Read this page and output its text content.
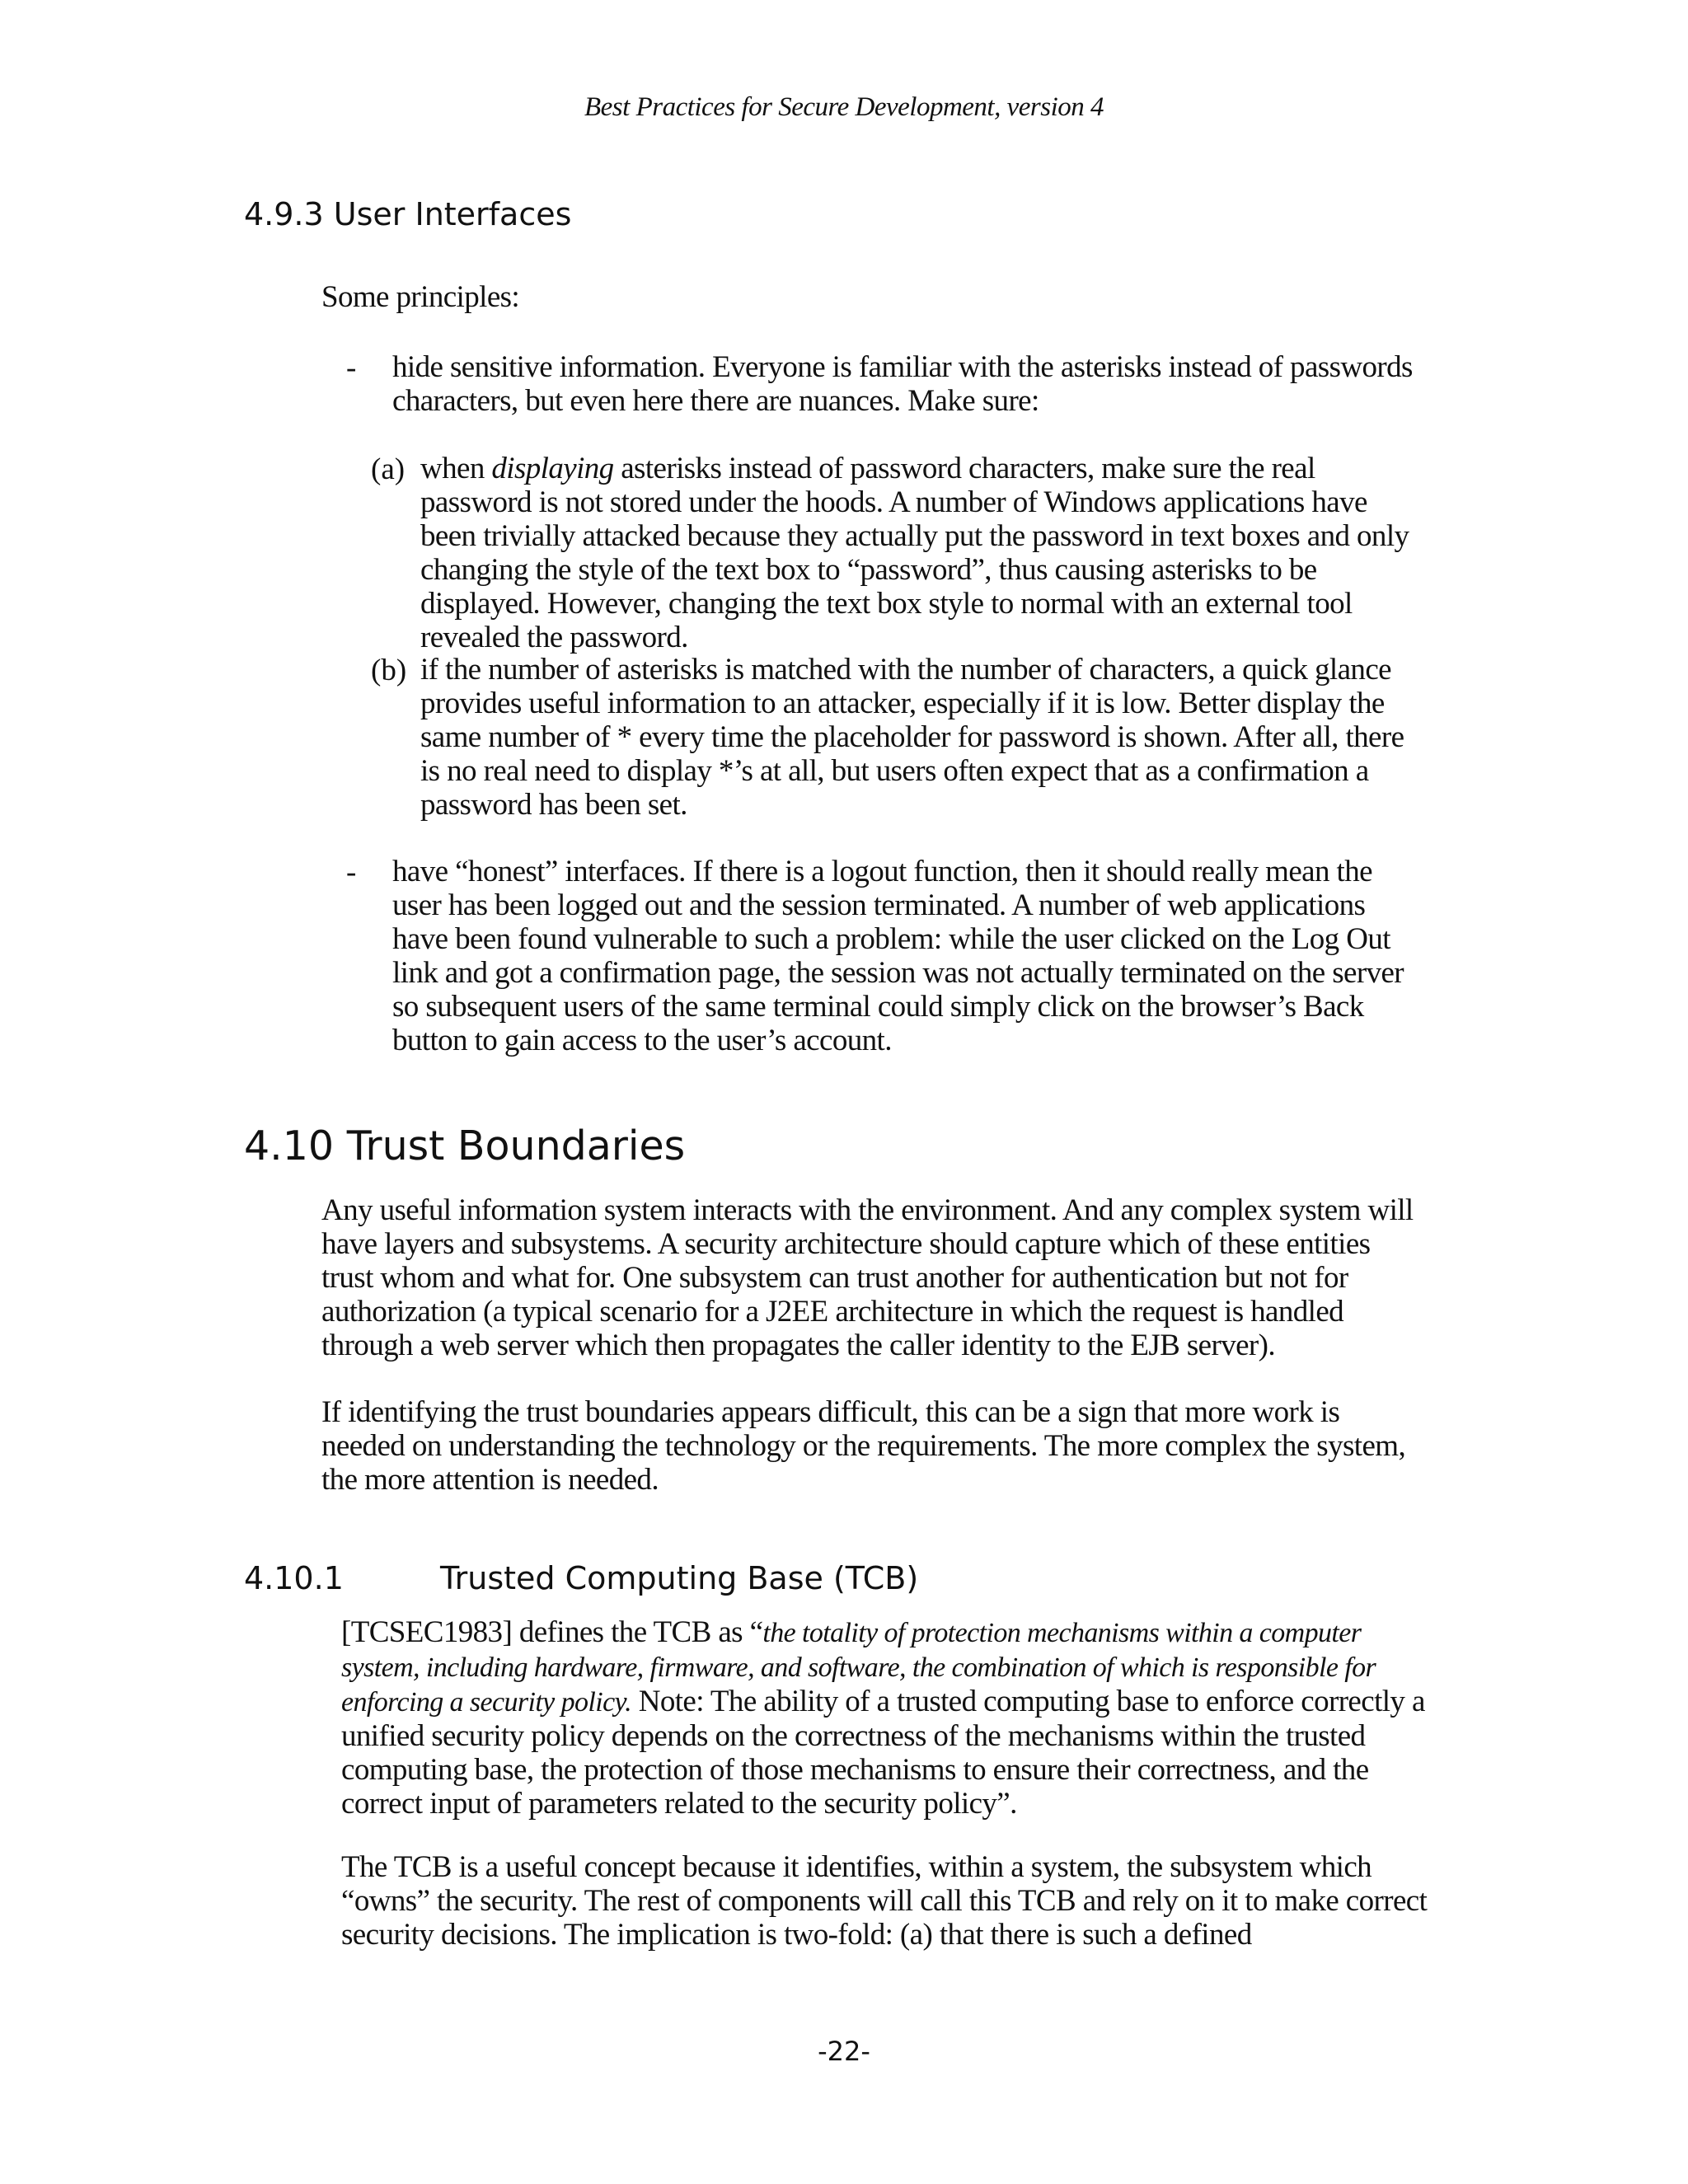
Best Practices for Secure Development, version 4
4.9.3 User Interfaces

Some principles:

- hide sensitive information. Everyone is familiar with the asterisks instead of passwords characters, but even here there are nuances. Make sure:

(a) when displaying asterisks instead of password characters, make sure the real password is not stored under the hoods. A number of Windows applications have been trivially attacked because they actually put the password in text boxes and only changing the style of the text box to “password”, thus causing asterisks to be displayed. However, changing the text box style to normal with an external tool revealed the password.

(b) if the number of asterisks is matched with the number of characters, a quick glance provides useful information to an attacker, especially if it is low. Better display the same number of * every time the placeholder for password is shown. After all, there is no real need to display *’s at all, but users often expect that as a confirmation a password has been set.

- have “honest” interfaces. If there is a logout function, then it should really mean the user has been logged out and the session terminated. A number of web applications have been found vulnerable to such a problem: while the user clicked on the Log Out link and got a confirmation page, the session was not actually terminated on the server so subsequent users of the same terminal could simply click on the browser’s Back button to gain access to the user’s account.

4.10 Trust Boundaries

Any useful information system interacts with the environment. And any complex system will have layers and subsystems. A security architecture should capture which of these entities trust whom and what for. One subsystem can trust another for authentication but not for authorization (a typical scenario for a J2EE architecture in which the request is handled through a web server which then propagates the caller identity to the EJB server).

If identifying the trust boundaries appears difficult, this can be a sign that more work is needed on understanding the technology or the requirements. The more complex the system, the more attention is needed.

4.10.1	Trusted Computing Base (TCB)

[TCSEC1983] defines the TCB as “the totality of protection mechanisms within a computer system, including hardware, firmware, and software, the combination of which is responsible for enforcing a security policy. Note: The ability of a trusted computing base to enforce correctly a unified security policy depends on the correctness of the mechanisms within the trusted computing base, the protection of those mechanisms to ensure their correctness, and the correct input of parameters related to the security policy”.

The TCB is a useful concept because it identifies, within a system, the subsystem which “owns” the security. The rest of components will call this TCB and rely on it to make correct security decisions. The implication is two-fold: (a) that there is such a defined

-22-
